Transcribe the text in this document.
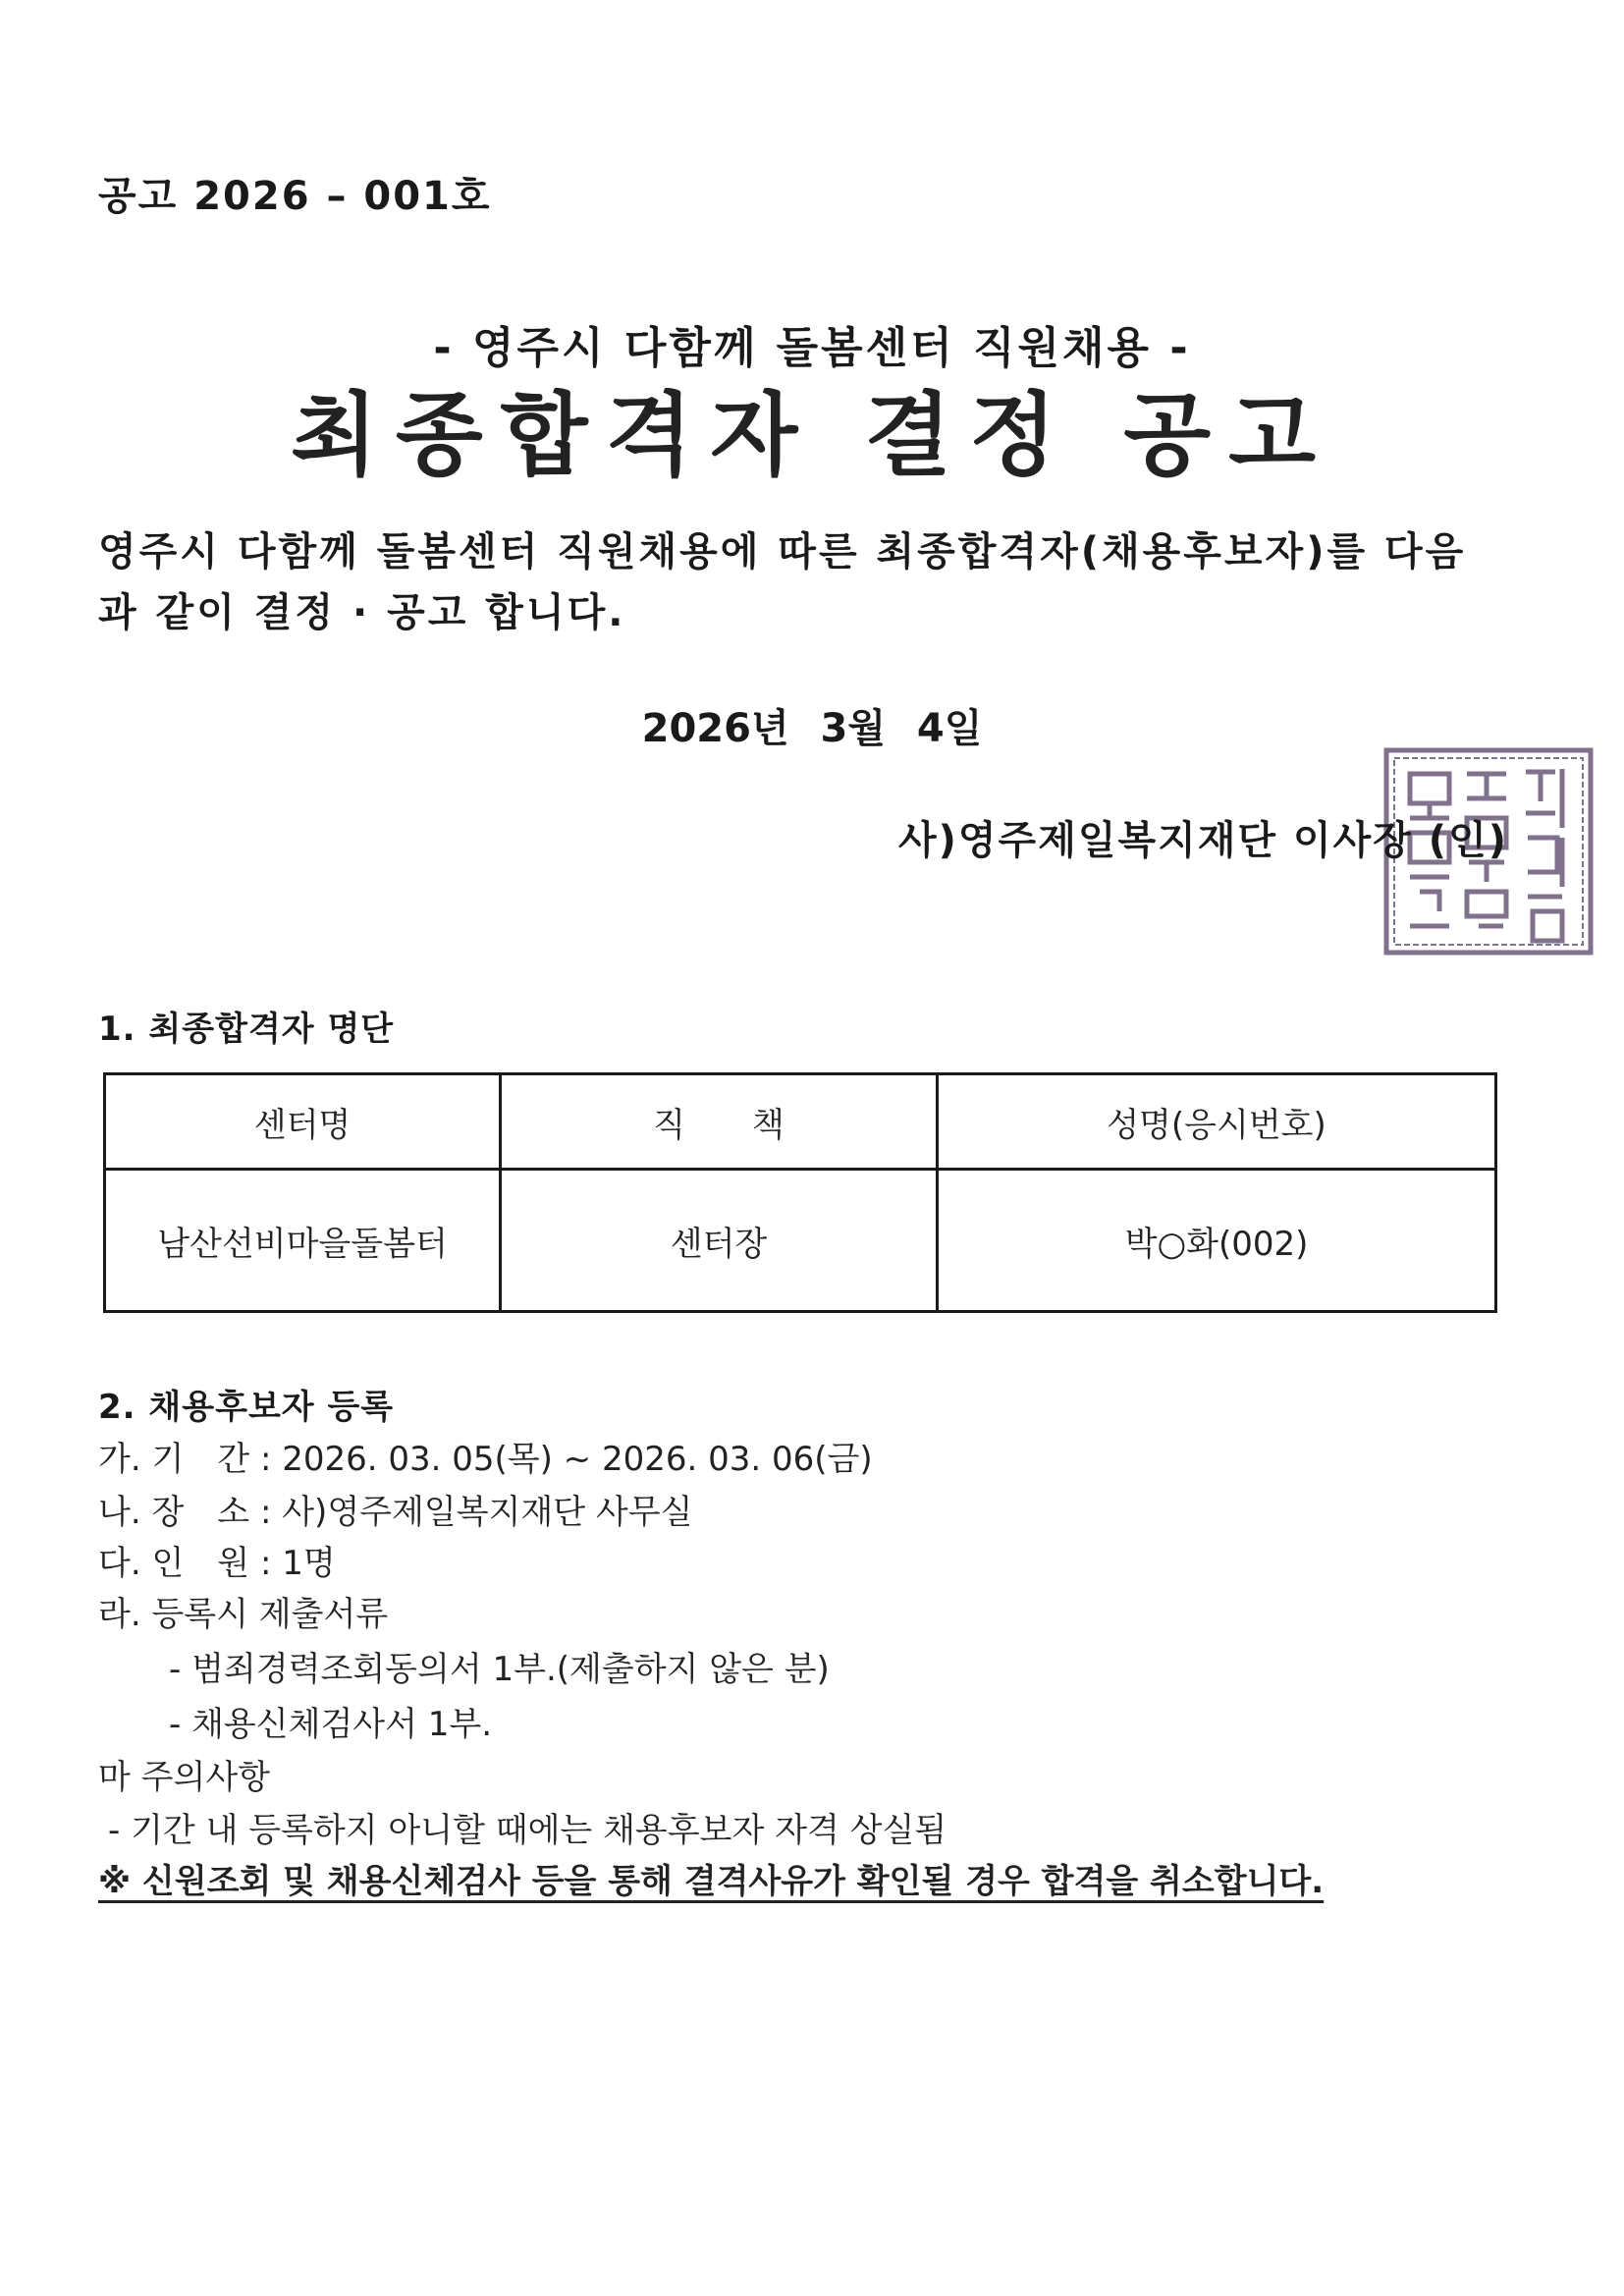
공고 2026 – 001호
- 영주시 다함께 돌봄센터 직원채용 -
최종합격자 결정 공고
영주시 다함께 돌봄센터 직원채용에 따른 최종합격자(채용후보자)를 다음
과 같이 결정 · 공고 합니다.
2026년 3월 4일
사)영주제일복지재단 이사장 (인)
1. 최종합격자 명단
센터명	직　　책	성명(응시번호)
남산선비마을돌봄터	센터장	박○화(002)
2. 채용후보자 등록
가. 기　간 : 2026. 03. 05(목) ~ 2026. 03. 06(금)
나. 장　소 : 사)영주제일복지재단 사무실
다. 인　원 : 1명
라. 등록시 제출서류
- 범죄경력조회동의서 1부.(제출하지 않은 분)
- 채용신체검사서 1부.
마 주의사항
- 기간 내 등록하지 아니할 때에는 채용후보자 자격 상실됨
※ 신원조회 및 채용신체검사 등을 통해 결격사유가 확인될 경우 합격을 취소합니다.
